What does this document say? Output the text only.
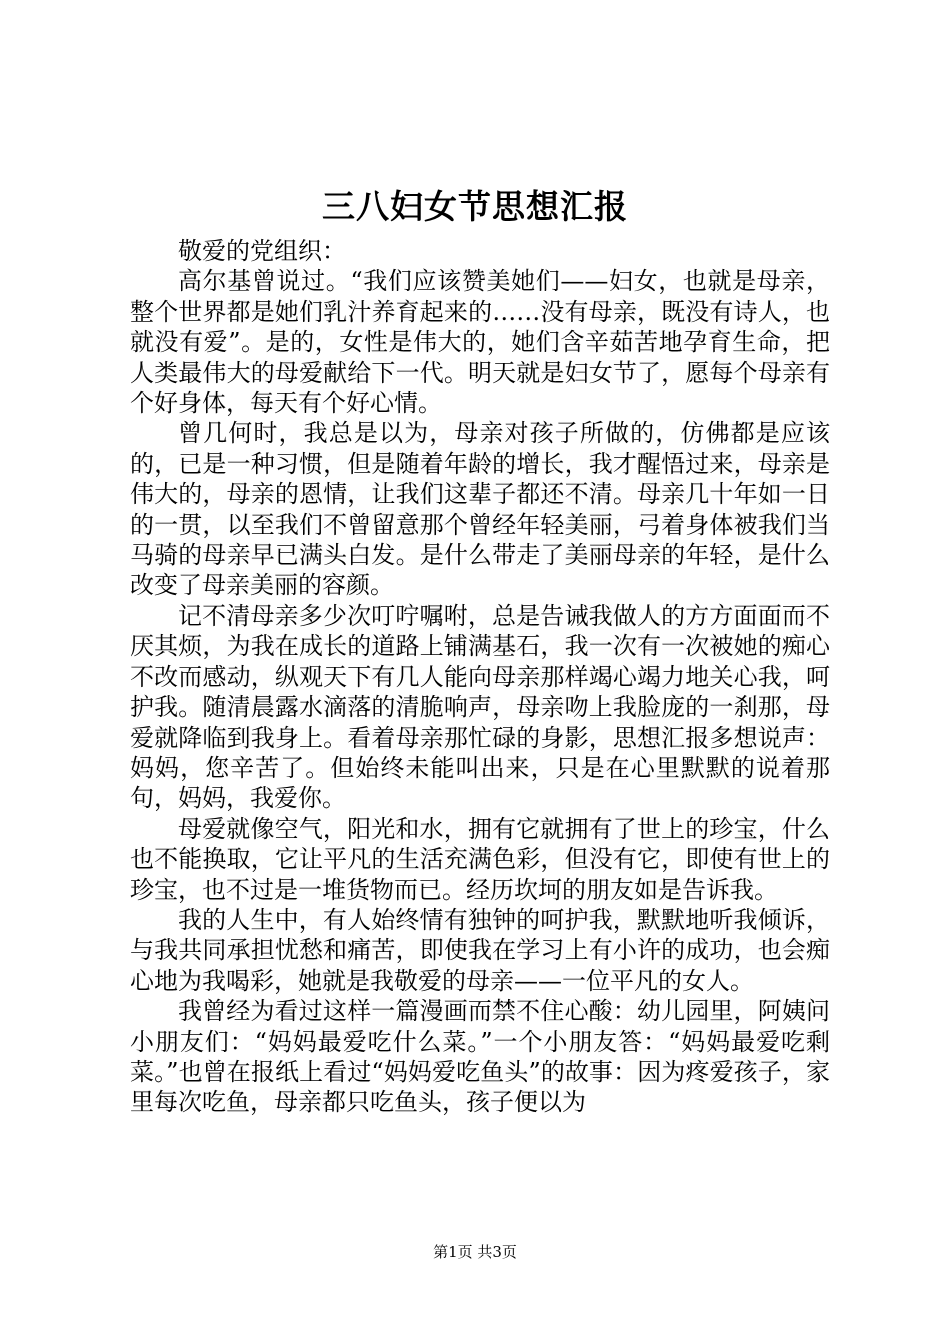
三八妇女节思想汇报

敬爱的党组织：

高尔基曾说过。“我们应该赞美她们——妇女，也就是母亲，整个世界都是她们乳汁养育起来的……没有母亲，既没有诗人，也就没有爱”。是的，女性是伟大的，她们含辛茹苦地孕育生命，把人类最伟大的母爱献给下一代。明天就是妇女节了，愿每个母亲有个好身体，每天有个好心情。

曾几何时，我总是以为，母亲对孩子所做的，仿佛都是应该的，已是一种习惯，但是随着年龄的增长，我才醒悟过来，母亲是伟大的，母亲的恩情，让我们这辈子都还不清。母亲几十年如一日的一贯，以至我们不曾留意那个曾经年轻美丽，弓着身体被我们当马骑的母亲早已满头白发。是什么带走了美丽母亲的年轻，是什么改变了母亲美丽的容颜。

记不清母亲多少次叮咛嘱咐，总是告诫我做人的方方面面而不厌其烦，为我在成长的道路上铺满基石，我一次有一次被她的痴心不改而感动，纵观天下有几人能向母亲那样竭心竭力地关心我，呵护我。随清晨露水滴落的清脆响声，母亲吻上我脸庞的一刹那，母爱就降临到我身上。看着母亲那忙碌的身影，思想汇报多想说声：妈妈，您辛苦了。但始终未能叫出来，只是在心里默默的说着那句，妈妈，我爱你。

母爱就像空气，阳光和水，拥有它就拥有了世上的珍宝，什么也不能换取，它让平凡的生活充满色彩，但没有它，即使有世上的珍宝，也不过是一堆货物而已。经历坎坷的朋友如是告诉我。

我的人生中，有人始终情有独钟的呵护我，默默地听我倾诉，与我共同承担忧愁和痛苦，即使我在学习上有小许的成功，也会痴心地为我喝彩，她就是我敬爱的母亲——一位平凡的女人。

我曾经为看过这样一篇漫画而禁不住心酸：幼儿园里，阿姨问小朋友们：“妈妈最爱吃什么菜。”一个小朋友答：“妈妈最爱吃剩菜。”也曾在报纸上看过“妈妈爱吃鱼头”的故事：因为疼爱孩子，家里每次吃鱼，母亲都只吃鱼头，孩子便以为

第1页 共3页
